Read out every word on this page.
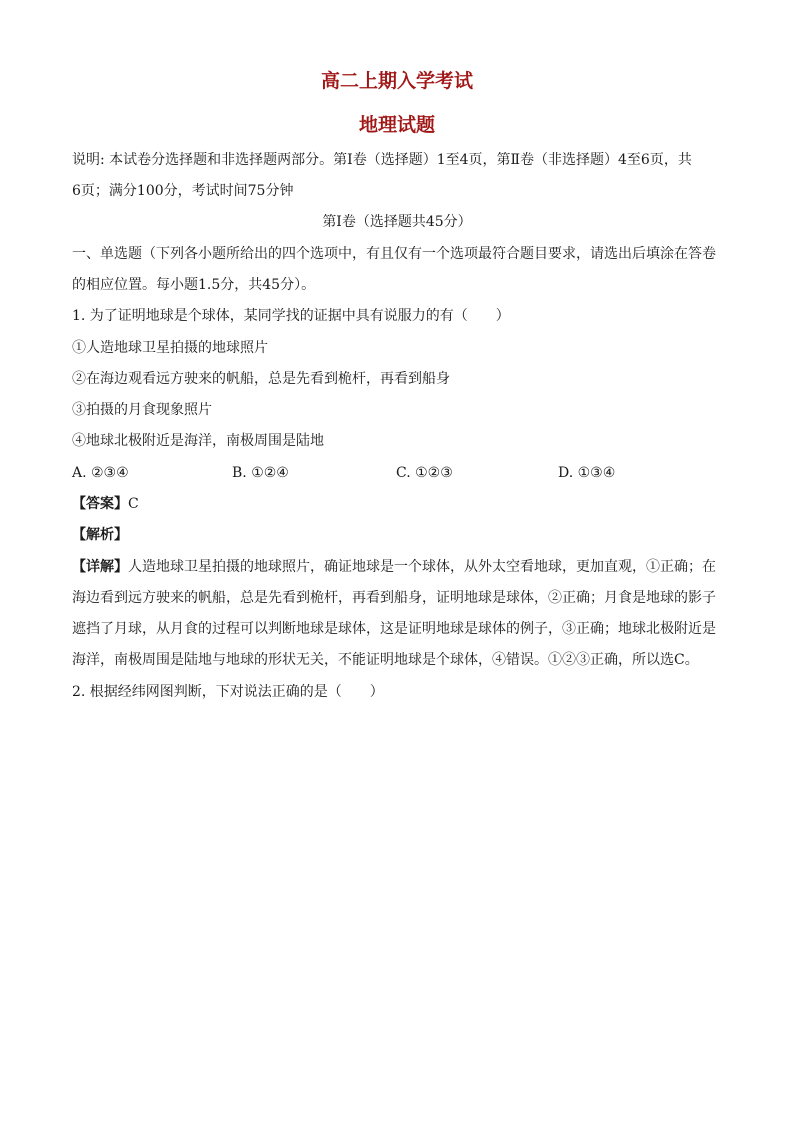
高二上期入学考试
地理试题
说明: 本试卷分选择题和非选择题两部分。第Ⅰ卷（选择题）1至4页，第Ⅱ卷（非选择题）4至6页，共
6页；满分100分，考试时间75分钟
第Ⅰ卷（选择题共45分）
一、单选题（下列各小题所给出的四个选项中，有且仅有一个选项最符合题目要求，请选出后填涂在答卷
的相应位置。每小题1.5分，共45分）。
1. 为了证明地球是个球体，某同学找的证据中具有说服力的有（　　）
①人造地球卫星拍摄的地球照片
②在海边观看远方驶来的帆船，总是先看到桅杆，再看到船身
③拍摄的月食现象照片
④地球北极附近是海洋，南极周围是陆地
A. ②③④	B. ①②④	C. ①②③	D. ①③④
【答案】C
【解析】
【详解】人造地球卫星拍摄的地球照片，确证地球是一个球体，从外太空看地球，更加直观，①正确；在
海边看到远方驶来的帆船，总是先看到桅杆，再看到船身，证明地球是球体，②正确；月食是地球的影子
遮挡了月球，从月食的过程可以判断地球是球体，这是证明地球是球体的例子，③正确；地球北极附近是
海洋，南极周围是陆地与地球的形状无关，不能证明地球是个球体，④错误。①②③正确，所以选C。
2. 根据经纬网图判断，下对说法正确的是（　　）
